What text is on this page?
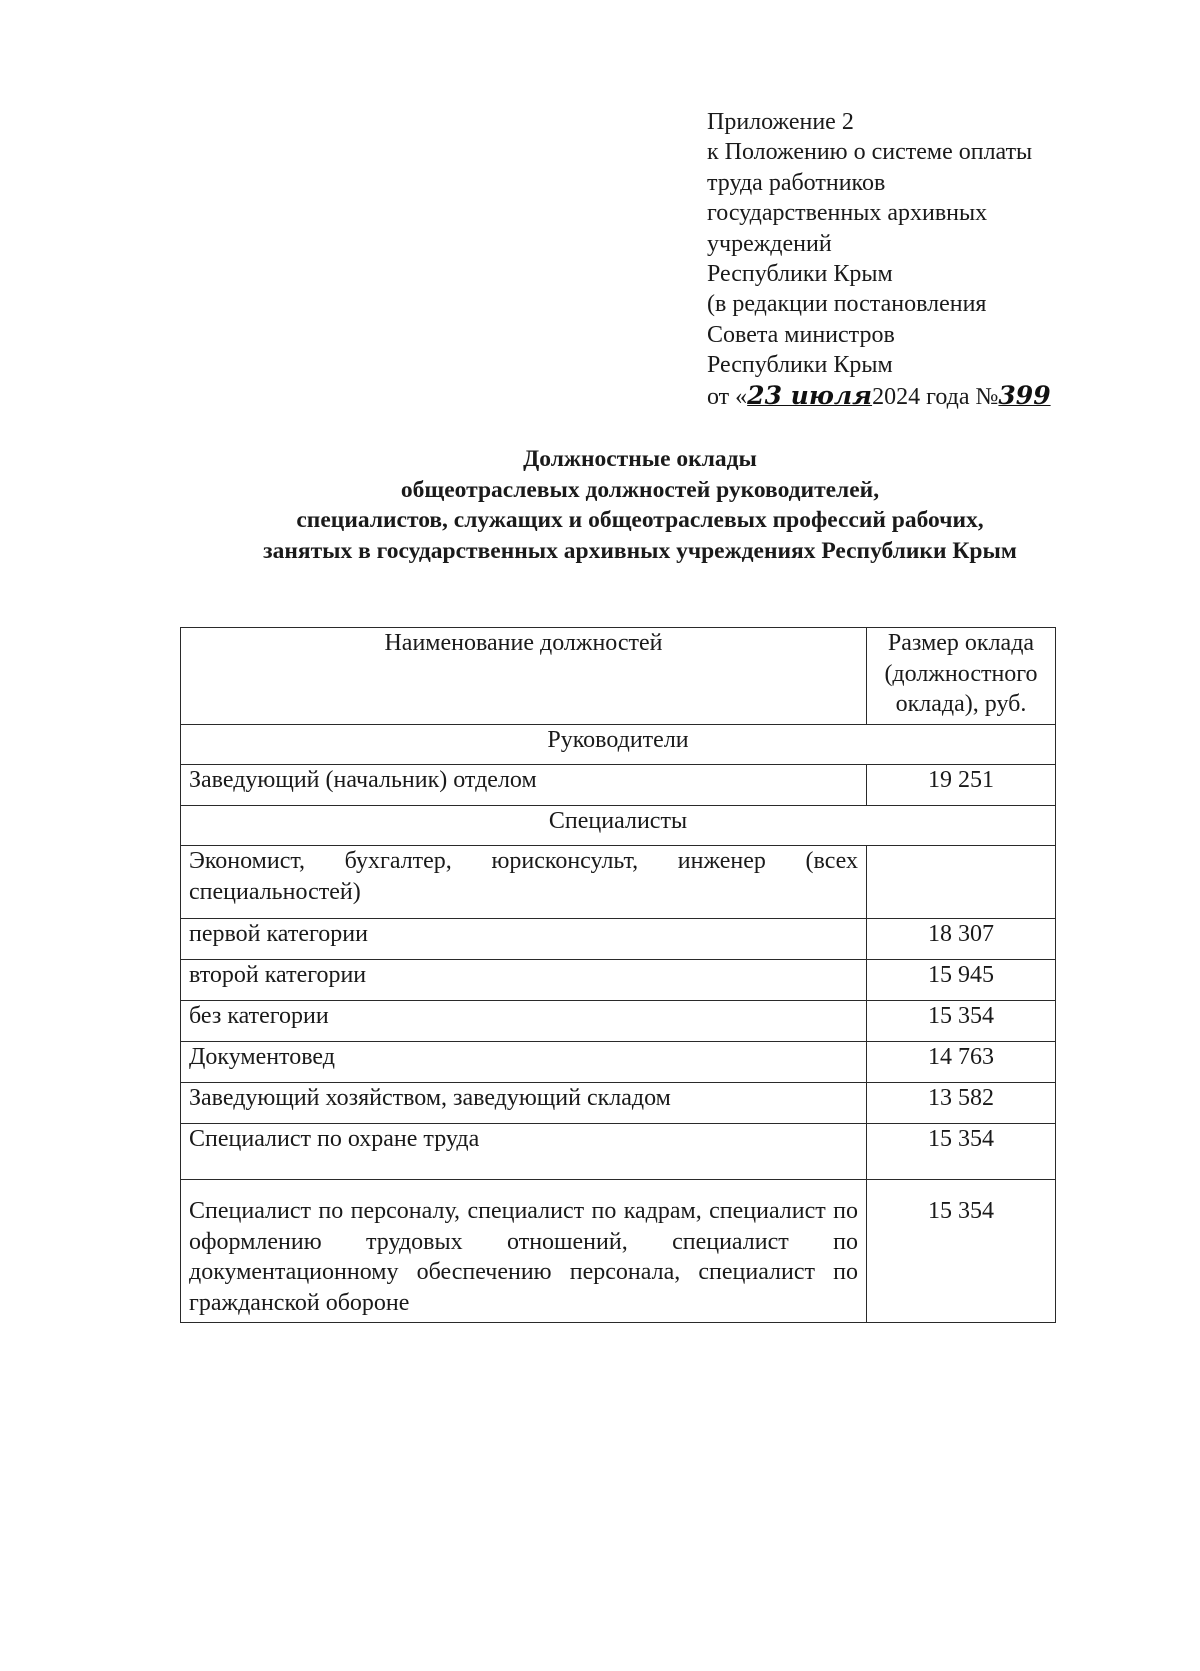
Приложение 2
к Положению о системе оплаты
труда работников
государственных архивных
учреждений
Республики Крым
(в редакции постановления
Совета министров
Республики Крым
от «23 июля2024 года №399
Должностные оклады
общеотраслевых должностей руководителей,
специалистов, служащих и общеотраслевых профессий рабочих,
занятых в государственных архивных учреждениях Республики Крым
Наименование должностей	Размер оклада (должностного оклада), руб.
Руководители	
Заведующий (начальник) отделом	19 251
Специалисты	
Экономист, бухгалтер, юрисконсульт, инженер (всех специальностей)	
первой категории	18 307
второй категории	15 945
без категории	15 354
Документовед	14 763
Заведующий хозяйством, заведующий складом	13 582
Специалист по охране труда	15 354
Специалист по персоналу, специалист по кадрам, специалист по оформлению трудовых отношений, специалист по документационному обеспечению персонала, специалист по гражданской обороне	15 354
